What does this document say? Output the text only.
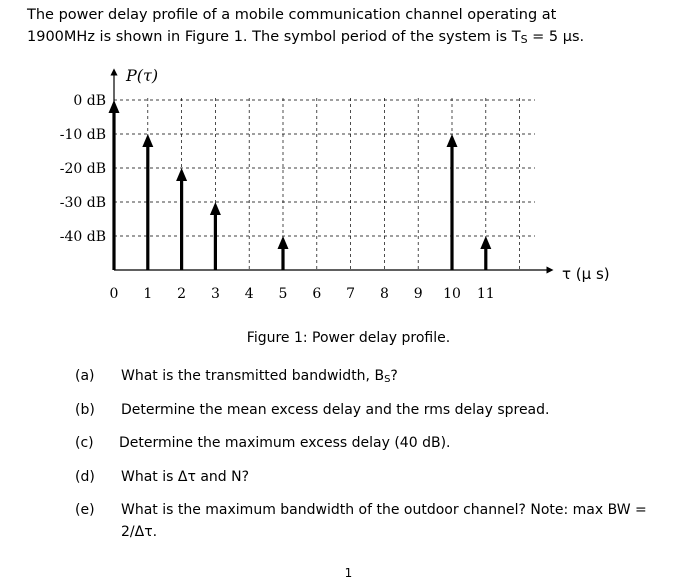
The power delay profile of a mobile communication channel operating at
1900MHz is shown in Figure 1. The symbol period of the system is $T_S = 5$ μs.
0 dB
-10 dB
-20 dB
-30 dB
-40 dB
0 1 2 3 4 5 6 7 8 9 10 11
P(τ)
τ (μ s)
Figure 1: Power delay profile.
(a) What is the transmitted bandwidth, $B_S$?
(b) Determine the mean excess delay and the rms delay spread.
(c) Determine the maximum excess delay (40 dB).
(d) What is Δτ and N?
(e) What is the maximum bandwidth of the outdoor channel? Note: max BW = 2/Δτ.
1
